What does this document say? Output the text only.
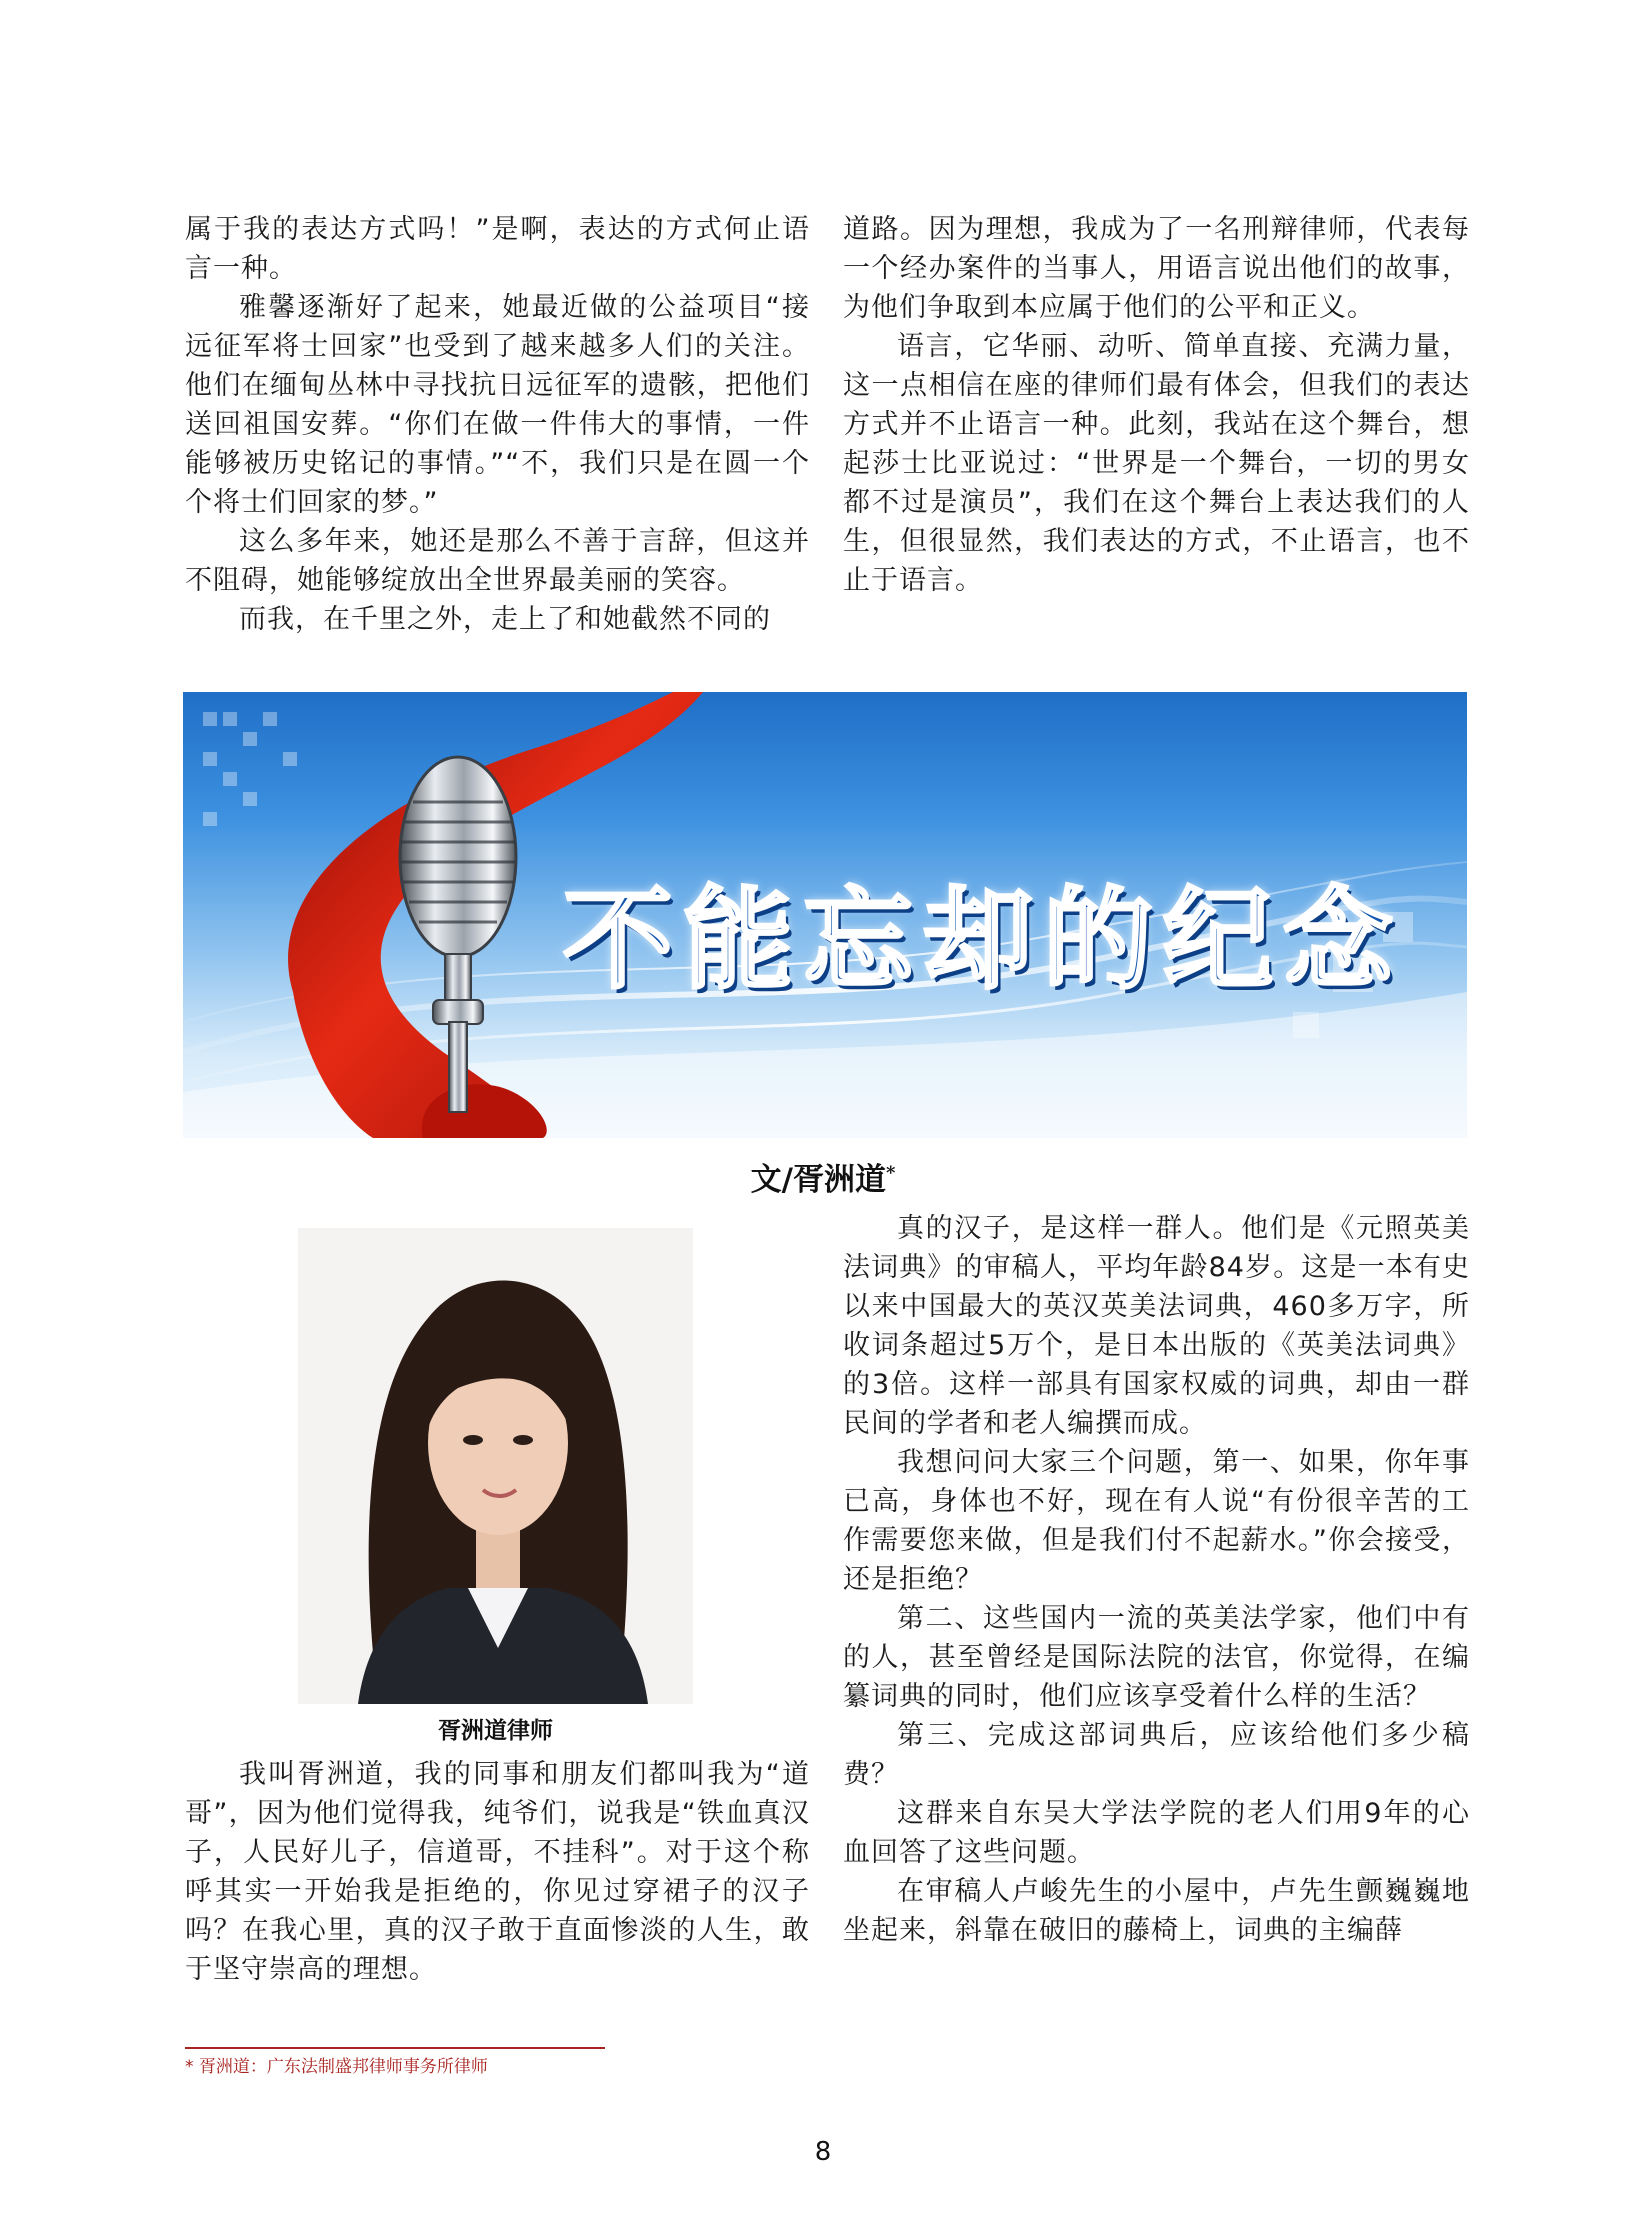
属于我的表达方式吗！”是啊，表达的方式何止语言一种。

雅馨逐渐好了起来，她最近做的公益项目“接远征军将士回家”也受到了越来越多人们的关注。他们在缅甸丛林中寻找抗日远征军的遗骸，把他们送回祖国安葬。“你们在做一件伟大的事情，一件能够被历史铭记的事情。”“不，我们只是在圆一个个将士们回家的梦。”

这么多年来，她还是那么不善于言辞，但这并不阻碍，她能够绽放出全世界最美丽的笑容。

而我，在千里之外，走上了和她截然不同的

道路。因为理想，我成为了一名刑辩律师，代表每一个经办案件的当事人，用语言说出他们的故事，为他们争取到本应属于他们的公平和正义。

语言，它华丽、动听、简单直接、充满力量，这一点相信在座的律师们最有体会，但我们的表达方式并不止语言一种。此刻，我站在这个舞台，想起莎士比亚说过：“世界是一个舞台，一切的男女都不过是演员”，我们在这个舞台上表达我们的人生，但很显然，我们表达的方式，不止语言，也不止于语言。

不能忘却的纪念
文/胥洲道*
胥洲道律师

我叫胥洲道，我的同事和朋友们都叫我为“道哥”，因为他们觉得我，纯爷们，说我是“铁血真汉子，人民好儿子，信道哥，不挂科”。对于这个称呼其实一开始我是拒绝的，你见过穿裙子的汉子吗？在我心里，真的汉子敢于直面惨淡的人生，敢于坚守崇高的理想。

真的汉子，是这样一群人。他们是《元照英美法词典》的审稿人，平均年龄84岁。这是一本有史以来中国最大的英汉英美法词典，460多万字，所收词条超过5万个，是日本出版的《英美法词典》的3倍。这样一部具有国家权威的词典，却由一群民间的学者和老人编撰而成。

我想问问大家三个问题，第一、如果，你年事已高，身体也不好，现在有人说“有份很辛苦的工作需要您来做，但是我们付不起薪水。”你会接受，还是拒绝？

第二、这些国内一流的英美法学家，他们中有的人，甚至曾经是国际法院的法官，你觉得，在编纂词典的同时，他们应该享受着什么样的生活？

第三、完成这部词典后，应该给他们多少稿费？

这群来自东吴大学法学院的老人们用9年的心血回答了这些问题。

在审稿人卢峻先生的小屋中，卢先生颤巍巍地坐起来，斜靠在破旧的藤椅上，词典的主编薛

* 胥洲道：广东法制盛邦律师事务所律师
8
